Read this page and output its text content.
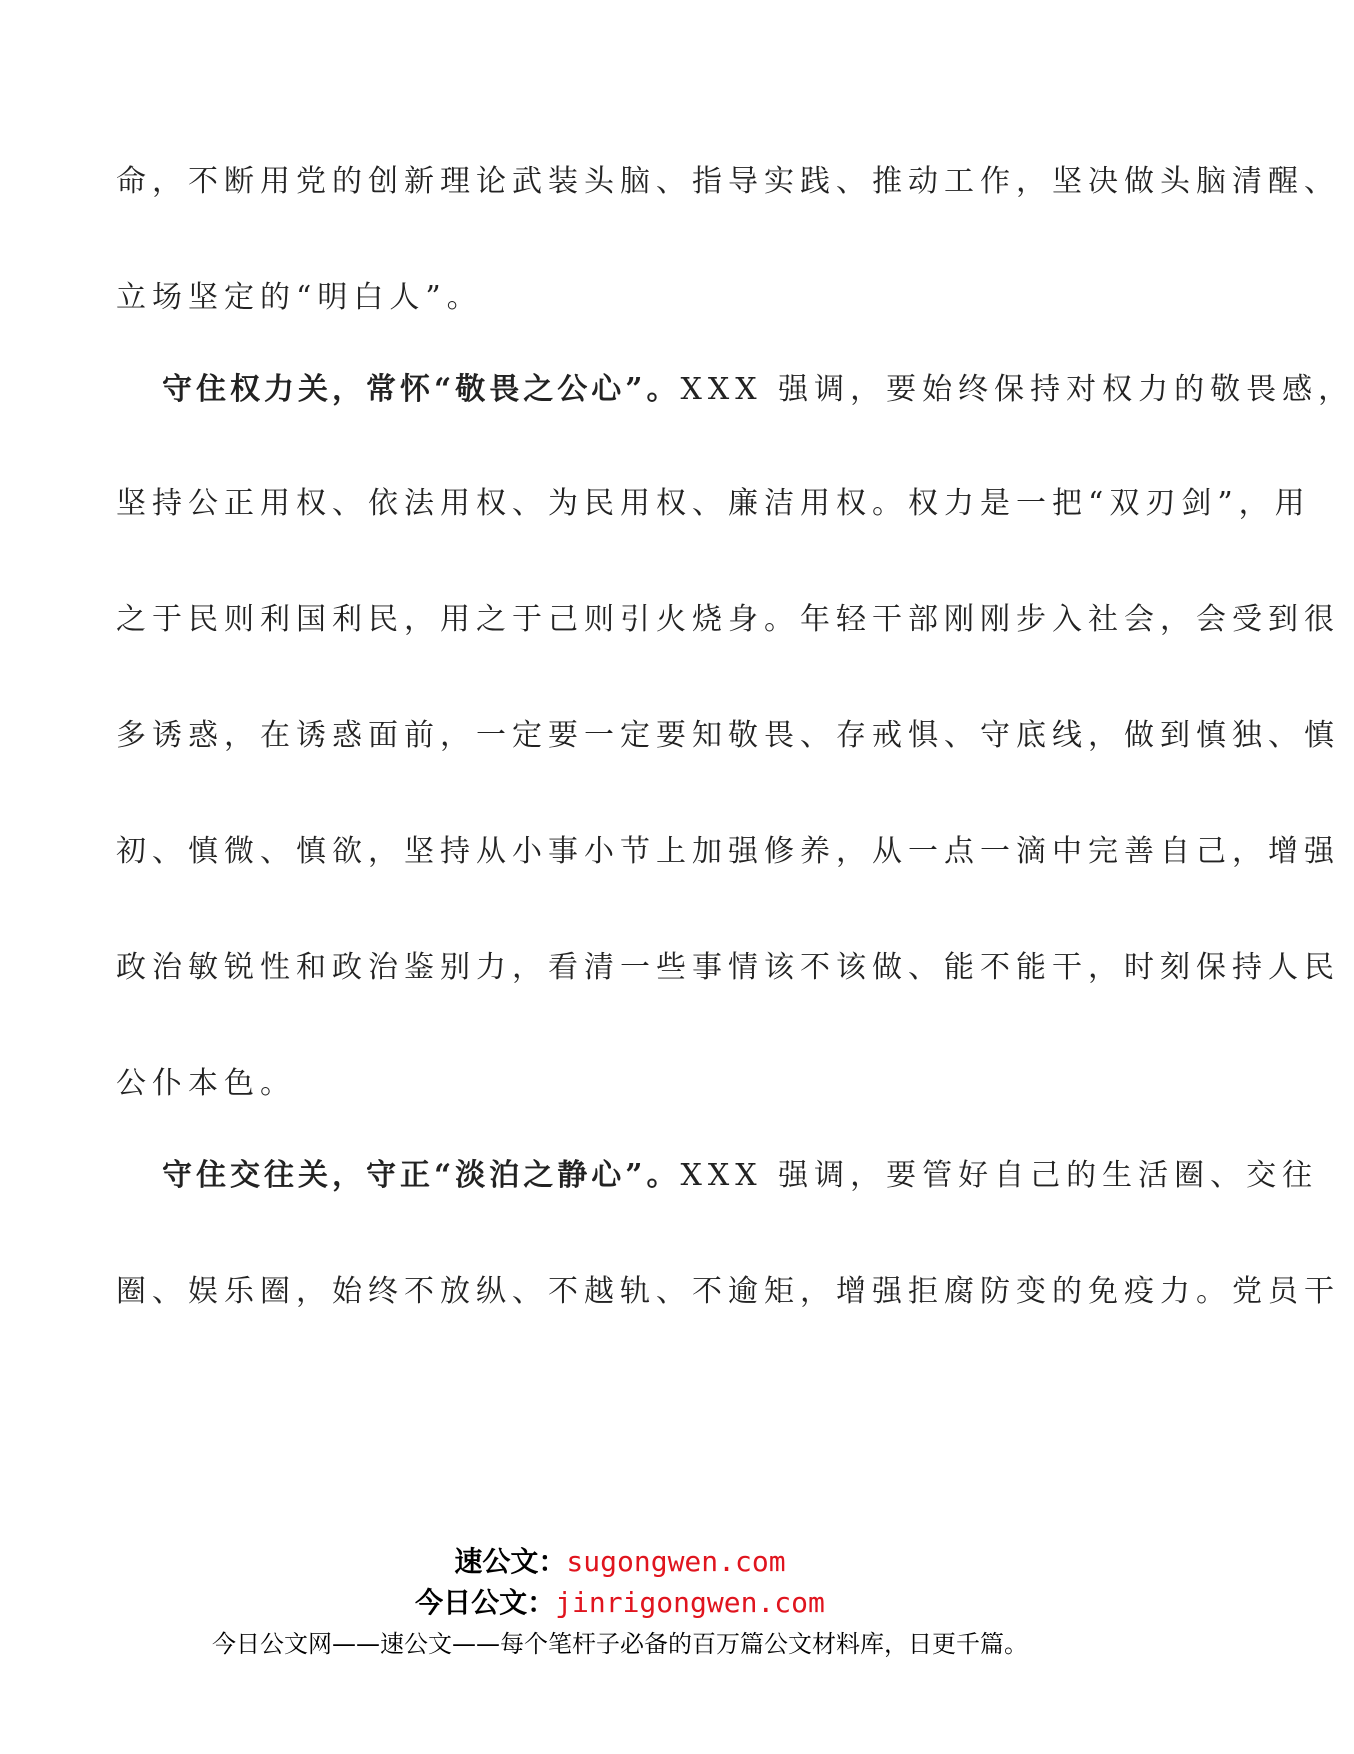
命，不断用党的创新理论武装头脑、指导实践、推动工作，坚决做头脑清醒、
立场坚定的“明白人”。
守住权力关，常怀“敬畏之公心”。XXX 强调，要始终保持对权力的敬畏感，
坚持公正用权、依法用权、为民用权、廉洁用权。权力是一把“双刃剑”，用
之于民则利国利民，用之于己则引火烧身。年轻干部刚刚步入社会，会受到很
多诱惑，在诱惑面前，一定要一定要知敬畏、存戒惧、守底线，做到慎独、慎
初、慎微、慎欲，坚持从小事小节上加强修养，从一点一滴中完善自己，增强
政治敏锐性和政治鉴别力，看清一些事情该不该做、能不能干，时刻保持人民
公仆本色。
守住交往关，守正“淡泊之静心”。XXX 强调，要管好自己的生活圈、交往
圈、娱乐圈，始终不放纵、不越轨、不逾矩，增强拒腐防变的免疫力。党员干
速公文：sugongwen.com
今日公文：jinrigongwen.com
今日公文网——速公文——每个笔杆子必备的百万篇公文材料库，日更千篇。
